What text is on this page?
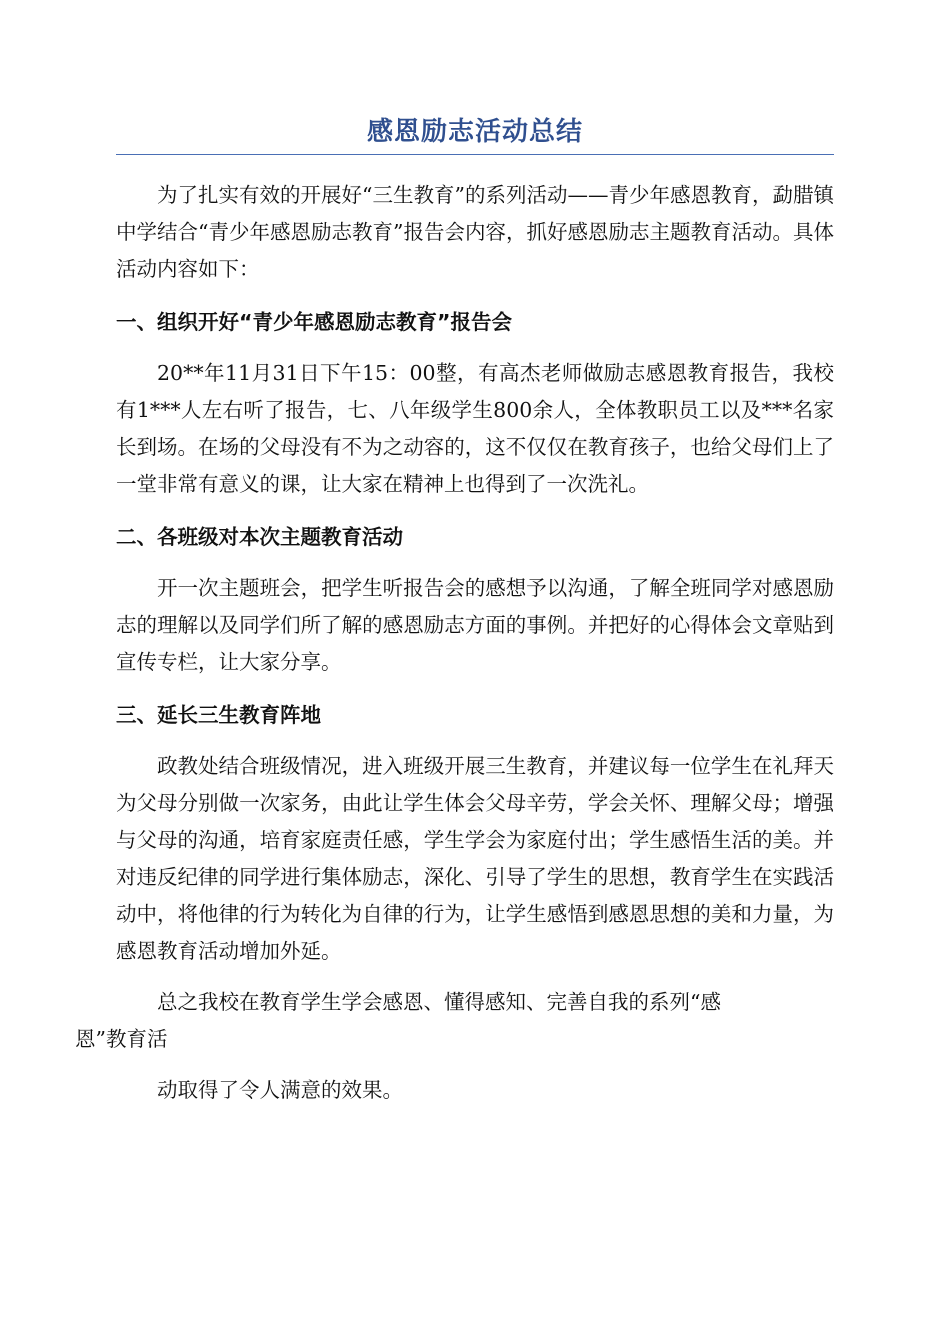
感恩励志活动总结

为了扎实有效的开展好“三生教育”的系列活动——青少年感恩教育，勐腊镇中学结合“青少年感恩励志教育”报告会内容，抓好感恩励志主题教育活动。具体活动内容如下：

一、组织开好“青少年感恩励志教育”报告会

20**年11月31日下午15：00整，有高杰老师做励志感恩教育报告，我校有1***人左右听了报告，七、八年级学生800余人，全体教职员工以及***名家长到场。在场的父母没有不为之动容的，这不仅仅在教育孩子，也给父母们上了一堂非常有意义的课，让大家在精神上也得到了一次洗礼。

二、各班级对本次主题教育活动

开一次主题班会，把学生听报告会的感想予以沟通，了解全班同学对感恩励志的理解以及同学们所了解的感恩励志方面的事例。并把好的心得体会文章贴到宣传专栏，让大家分享。

三、延长三生教育阵地

政教处结合班级情况，进入班级开展三生教育，并建议每一位学生在礼拜天为父母分别做一次家务，由此让学生体会父母辛劳，学会关怀、理解父母；增强与父母的沟通，培育家庭责任感，学生学会为家庭付出；学生感悟生活的美。并对违反纪律的同学进行集体励志，深化、引导了学生的思想，教育学生在实践活动中，将他律的行为转化为自律的行为，让学生感悟到感恩思想的美和力量，为感恩教育活动增加外延。

总之我校在教育学生学会感恩、懂得感知、完善自我的系列“感
恩”教育活

动取得了令人满意的效果。
